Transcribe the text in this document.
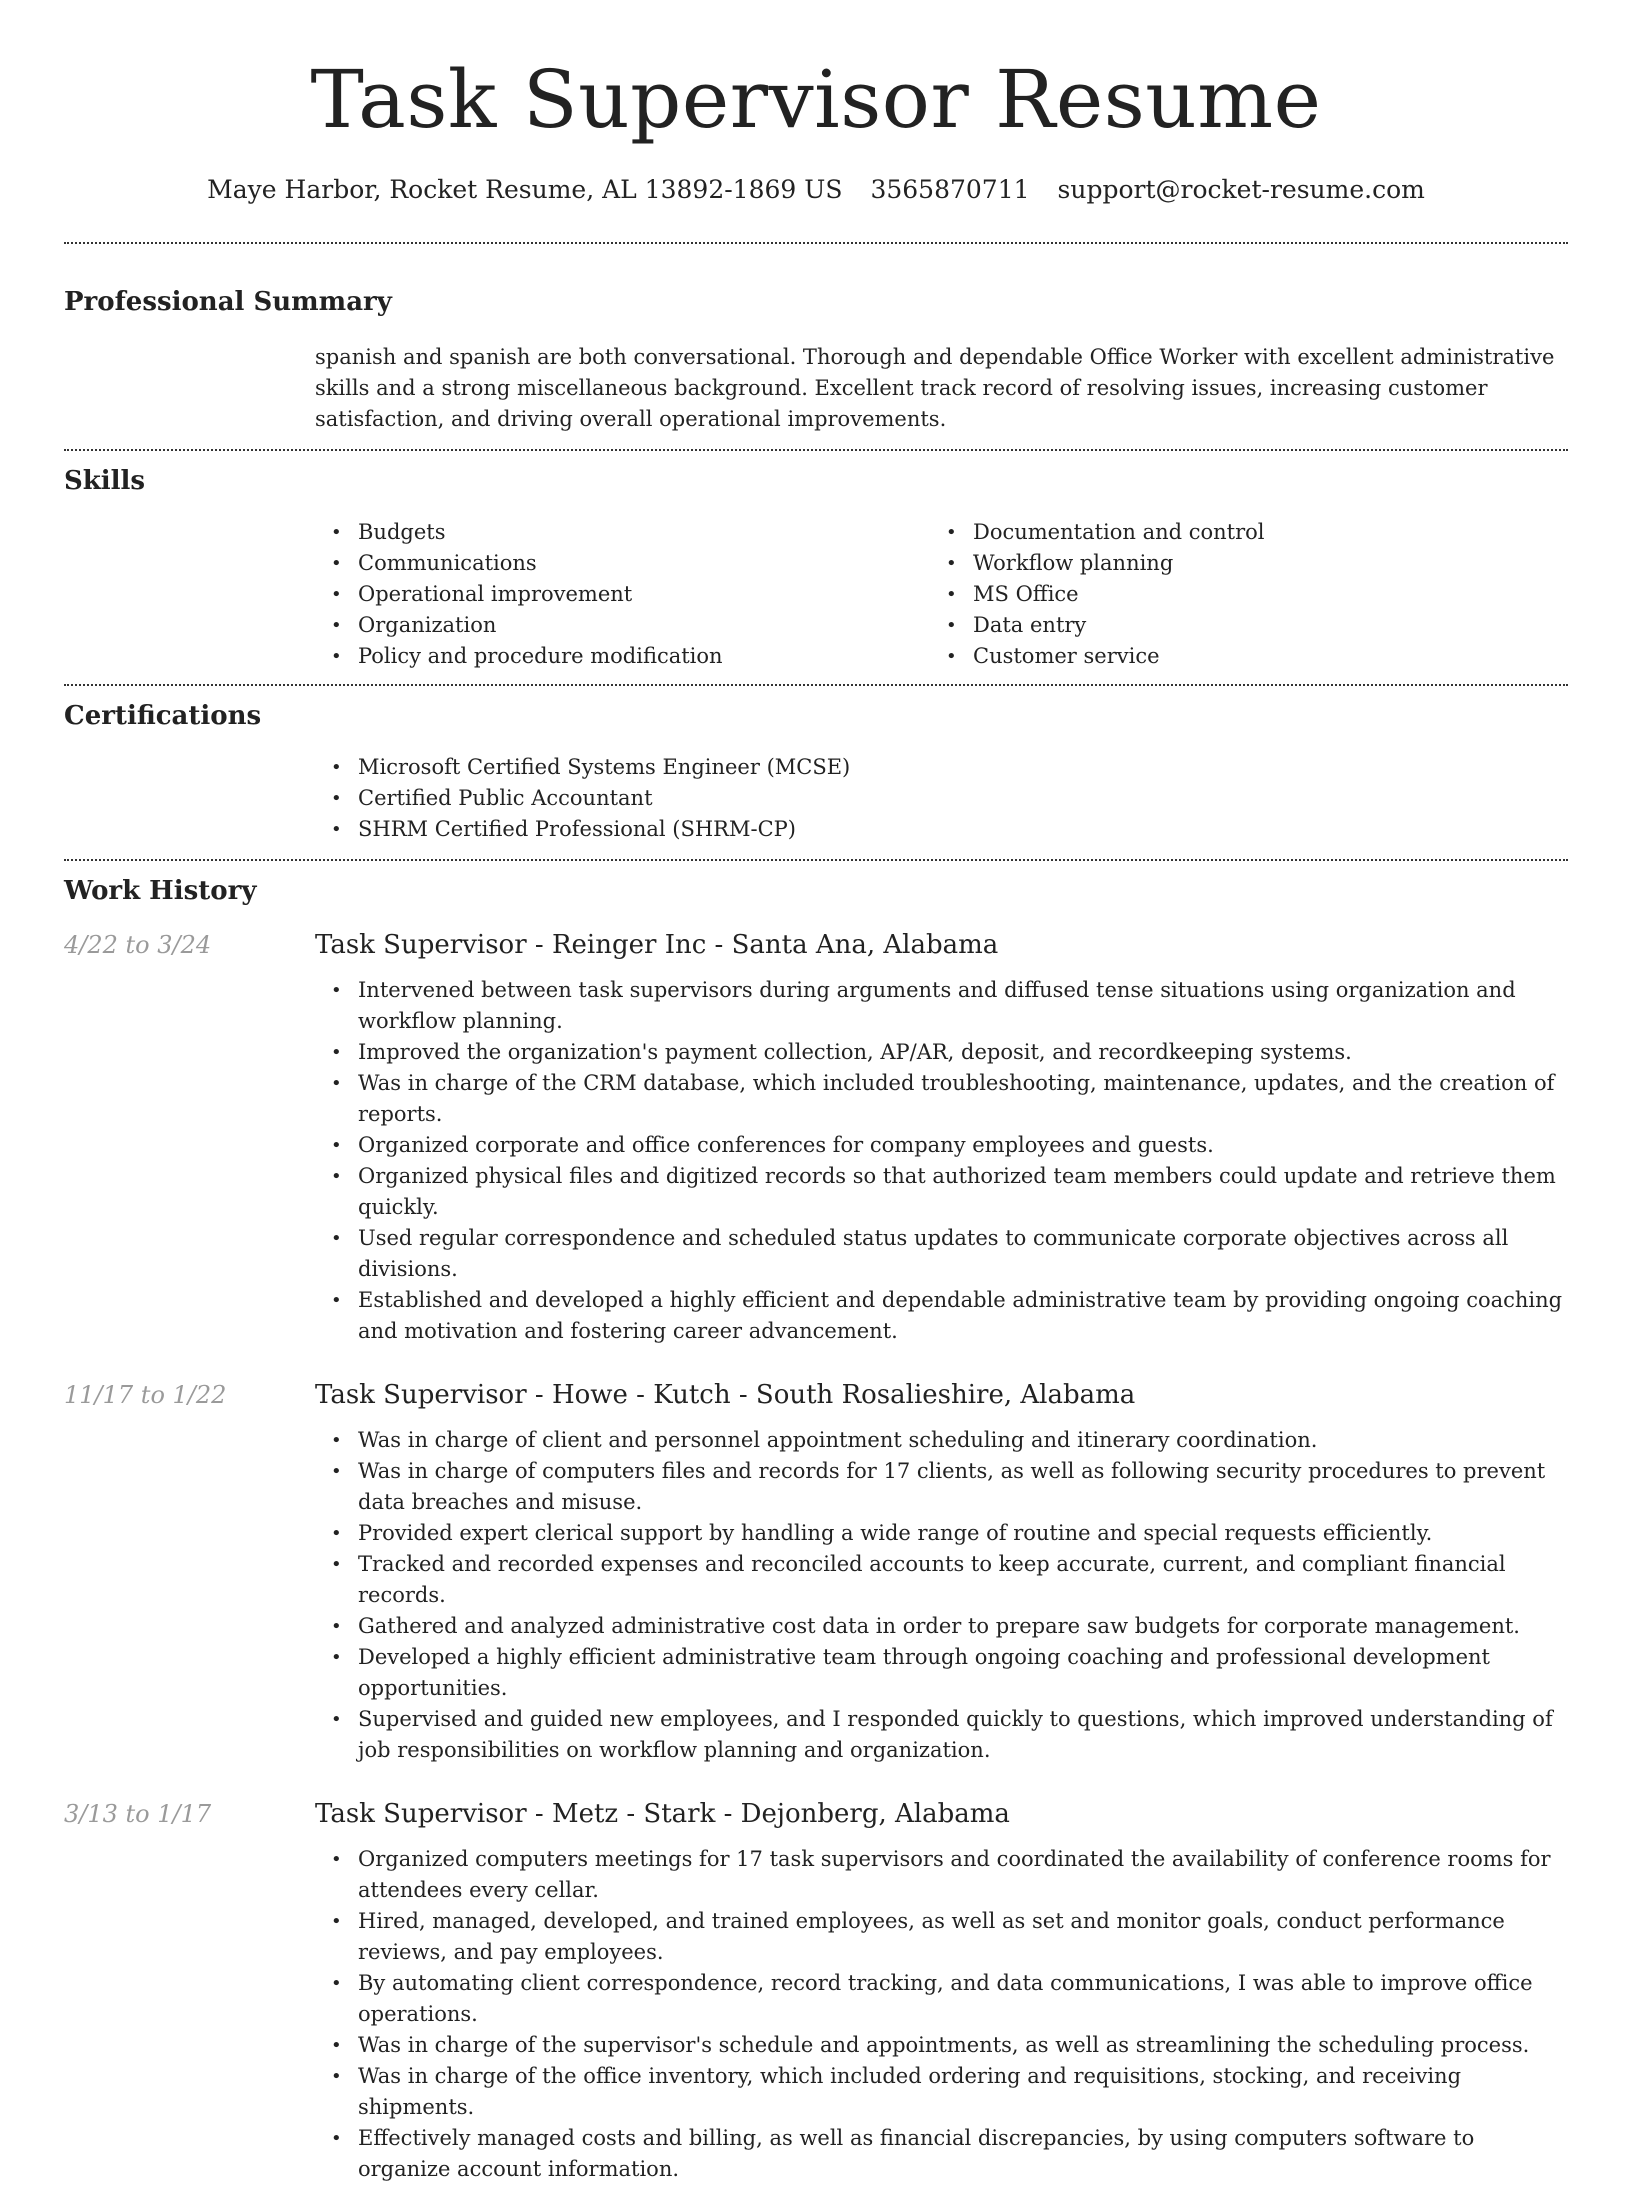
Task Supervisor Resume
Maye Harbor, Rocket Resume, AL 13892-1869 US 3565870711 support@rocket-resume.com
Professional Summary
spanish and spanish are both conversational. Thorough and dependable Office Worker with excellent administrative skills and a strong miscellaneous background. Excellent track record of resolving issues, increasing customer satisfaction, and driving overall operational improvements.
Skills
• Budgets
• Communications
• Operational improvement
• Organization
• Policy and procedure modification
• Documentation and control
• Workflow planning
• MS Office
• Data entry
• Customer service
Certifications
• Microsoft Certified Systems Engineer (MCSE)
• Certified Public Accountant
• SHRM Certified Professional (SHRM-CP)
Work History
4/22 to 3/24	Task Supervisor - Reinger Inc - Santa Ana, Alabama
• Intervened between task supervisors during arguments and diffused tense situations using organization and workflow planning.
• Improved the organization's payment collection, AP/AR, deposit, and recordkeeping systems.
• Was in charge of the CRM database, which included troubleshooting, maintenance, updates, and the creation of reports.
• Organized corporate and office conferences for company employees and guests.
• Organized physical files and digitized records so that authorized team members could update and retrieve them quickly.
• Used regular correspondence and scheduled status updates to communicate corporate objectives across all divisions.
• Established and developed a highly efficient and dependable administrative team by providing ongoing coaching and motivation and fostering career advancement.
11/17 to 1/22	Task Supervisor - Howe - Kutch - South Rosalieshire, Alabama
• Was in charge of client and personnel appointment scheduling and itinerary coordination.
• Was in charge of computers files and records for 17 clients, as well as following security procedures to prevent data breaches and misuse.
• Provided expert clerical support by handling a wide range of routine and special requests efficiently.
• Tracked and recorded expenses and reconciled accounts to keep accurate, current, and compliant financial records.
• Gathered and analyzed administrative cost data in order to prepare saw budgets for corporate management.
• Developed a highly efficient administrative team through ongoing coaching and professional development opportunities.
• Supervised and guided new employees, and I responded quickly to questions, which improved understanding of job responsibilities on workflow planning and organization.
3/13 to 1/17	Task Supervisor - Metz - Stark - Dejonberg, Alabama
• Organized computers meetings for 17 task supervisors and coordinated the availability of conference rooms for attendees every cellar.
• Hired, managed, developed, and trained employees, as well as set and monitor goals, conduct performance reviews, and pay employees.
• By automating client correspondence, record tracking, and data communications, I was able to improve office operations.
• Was in charge of the supervisor's schedule and appointments, as well as streamlining the scheduling process.
• Was in charge of the office inventory, which included ordering and requisitions, stocking, and receiving shipments.
• Effectively managed costs and billing, as well as financial discrepancies, by using computers software to organize account information.
